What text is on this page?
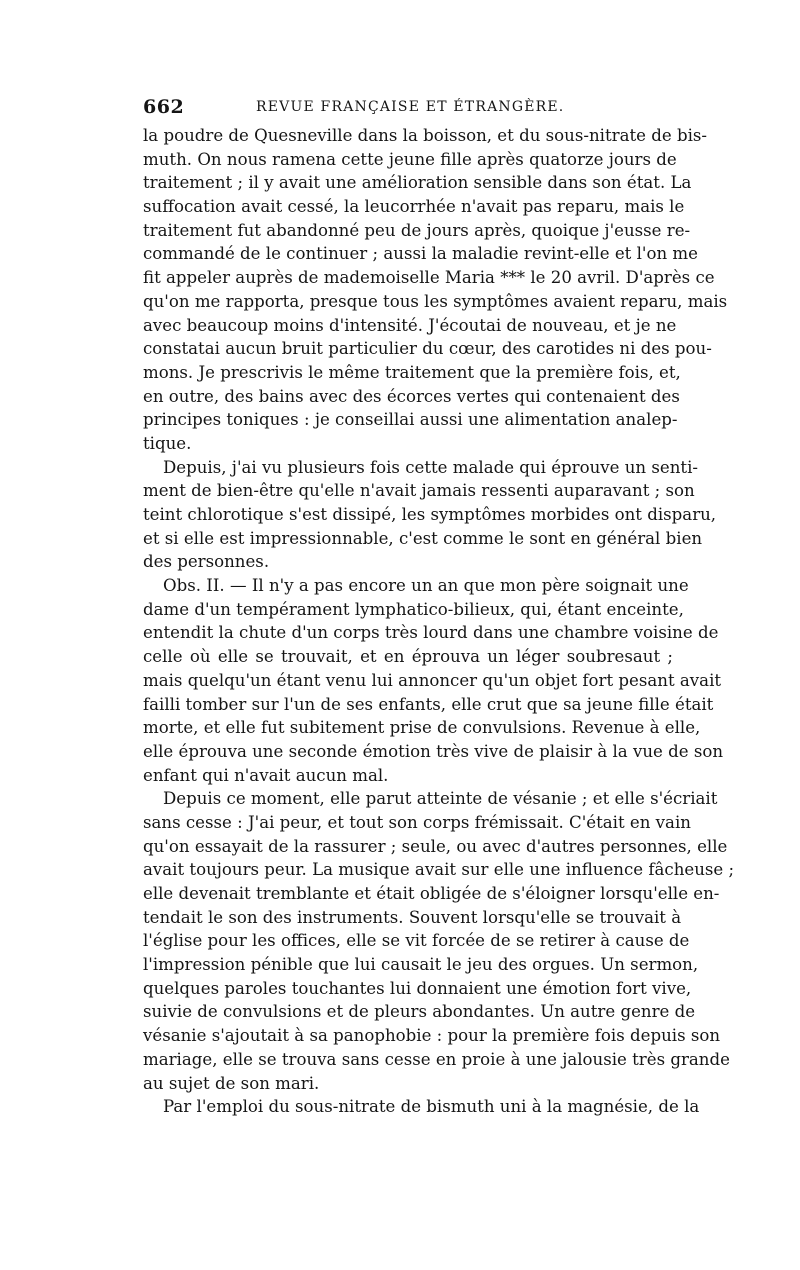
662	REVUE FRANÇAISE ET ÉTRANGÈRE.
la poudre de Quesneville dans la boisson, et du sous-nitrate de bis-
muth. On nous ramena cette jeune fille après quatorze jours de
traitement ; il y avait une amélioration sensible dans son état. La
suffocation avait cessé, la leucorrhée n'avait pas reparu, mais le
traitement fut abandonné peu de jours après, quoique j'eusse re-
commandé de le continuer ; aussi la maladie revint-elle et l'on me
fit appeler auprès de mademoiselle Maria *** le 20 avril. D'après ce
qu'on me rapporta, presque tous les symptômes avaient reparu, mais
avec beaucoup moins d'intensité. J'écoutai de nouveau, et je ne
constatai aucun bruit particulier du cœur, des carotides ni des pou-
mons. Je prescrivis le même traitement que la première fois, et,
en outre, des bains avec des écorces vertes qui contenaient des
principes toniques : je conseillai aussi une alimentation analep-
tique.
Depuis, j'ai vu plusieurs fois cette malade qui éprouve un senti-
ment de bien-être qu'elle n'avait jamais ressenti auparavant ; son
teint chlorotique s'est dissipé, les symptômes morbides ont disparu,
et si elle est impressionnable, c'est comme le sont en général bien
des personnes.
Obs. II. — Il n'y a pas encore un an que mon père soignait une
dame d'un tempérament lymphatico-bilieux, qui, étant enceinte,
entendit la chute d'un corps très lourd dans une chambre voisine de
celle où elle se trouvait, et en éprouva un léger soubresaut ;
mais quelqu'un étant venu lui annoncer qu'un objet fort pesant avait
failli tomber sur l'un de ses enfants, elle crut que sa jeune fille était
morte, et elle fut subitement prise de convulsions. Revenue à elle,
elle éprouva une seconde émotion très vive de plaisir à la vue de son
enfant qui n'avait aucun mal.
Depuis ce moment, elle parut atteinte de vésanie ; et elle s'écriait
sans cesse : J'ai peur, et tout son corps frémissait. C'était en vain
qu'on essayait de la rassurer ; seule, ou avec d'autres personnes, elle
avait toujours peur. La musique avait sur elle une influence fâcheuse ;
elle devenait tremblante et était obligée de s'éloigner lorsqu'elle en-
tendait le son des instruments. Souvent lorsqu'elle se trouvait à
l'église pour les offices, elle se vit forcée de se retirer à cause de
l'impression pénible que lui causait le jeu des orgues. Un sermon,
quelques paroles touchantes lui donnaient une émotion fort vive,
suivie de convulsions et de pleurs abondantes. Un autre genre de
vésanie s'ajoutait à sa panophobie : pour la première fois depuis son
mariage, elle se trouva sans cesse en proie à une jalousie très grande
au sujet de son mari.
Par l'emploi du sous-nitrate de bismuth uni à la magnésie, de la
